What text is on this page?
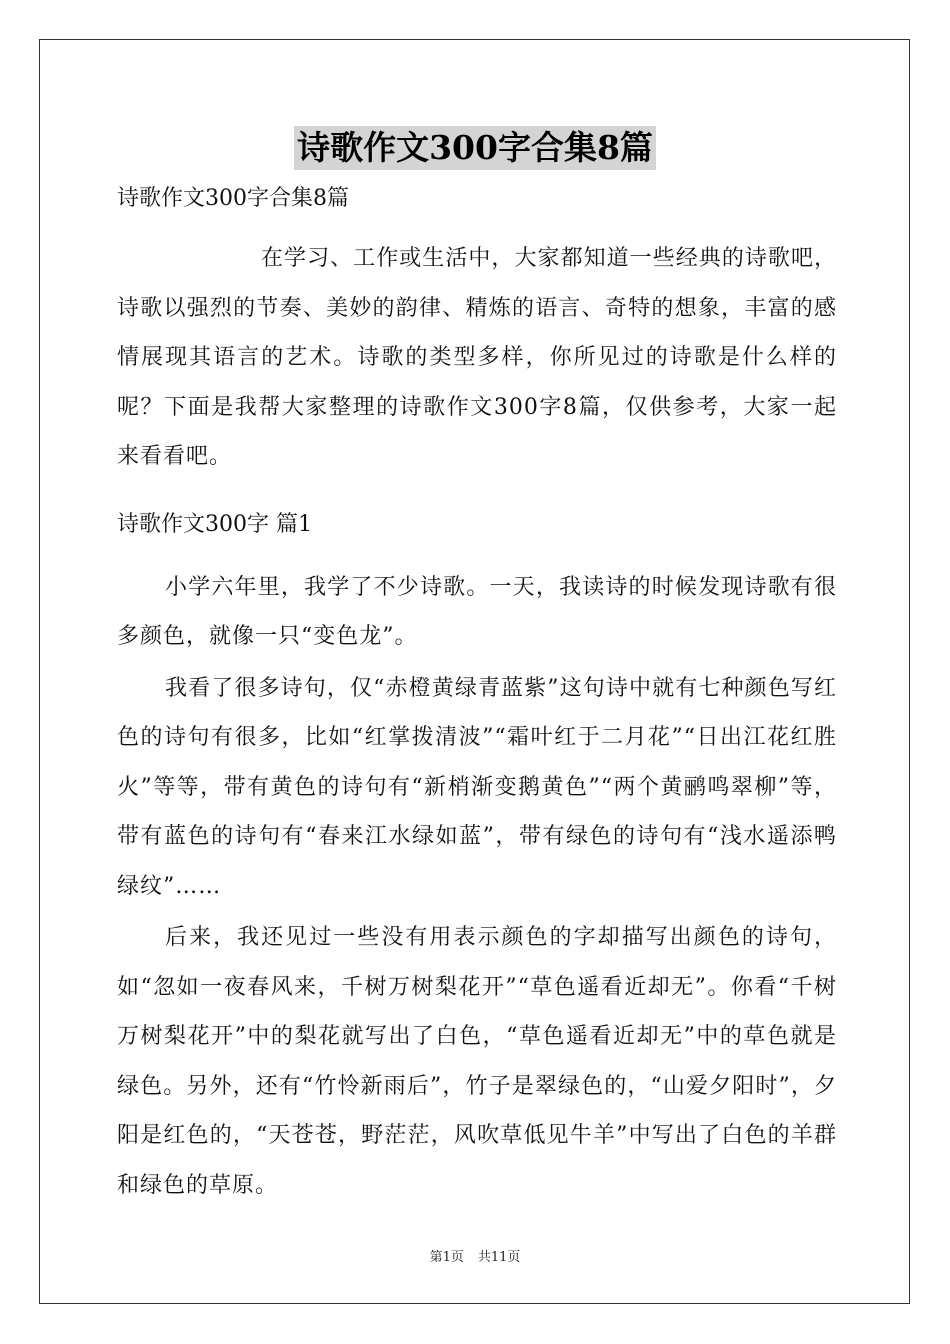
诗歌作文300字合集8篇

诗歌作文300字合集8篇

在学习、工作或生活中，大家都知道一些经典的诗歌吧，诗歌以强烈的节奏、美妙的韵律、精炼的语言、奇特的想象，丰富的感情展现其语言的艺术。诗歌的类型多样，你所见过的诗歌是什么样的呢？下面是我帮大家整理的诗歌作文300字8篇，仅供参考，大家一起来看看吧。

诗歌作文300字 篇1

小学六年里，我学了不少诗歌。一天，我读诗的时候发现诗歌有很多颜色，就像一只“变色龙”。

我看了很多诗句，仅“赤橙黄绿青蓝紫”这句诗中就有七种颜色写红色的诗句有很多，比如“红掌拨清波”“霜叶红于二月花”“日出江花红胜火”等等，带有黄色的诗句有“新梢渐变鹅黄色”“两个黄鹂鸣翠柳”等，带有蓝色的诗句有“春来江水绿如蓝”，带有绿色的诗句有“浅水遥添鸭绿纹”……

后来，我还见过一些没有用表示颜色的字却描写出颜色的诗句，如“忽如一夜春风来，千树万树梨花开”“草色遥看近却无”。你看“千树万树梨花开”中的梨花就写出了白色，“草色遥看近却无”中的草色就是绿色。另外，还有“竹怜新雨后”，竹子是翠绿色的，“山爱夕阳时”，夕阳是红色的，“天苍苍，野茫茫，风吹草低见牛羊”中写出了白色的羊群和绿色的草原。

第1页 共11页
